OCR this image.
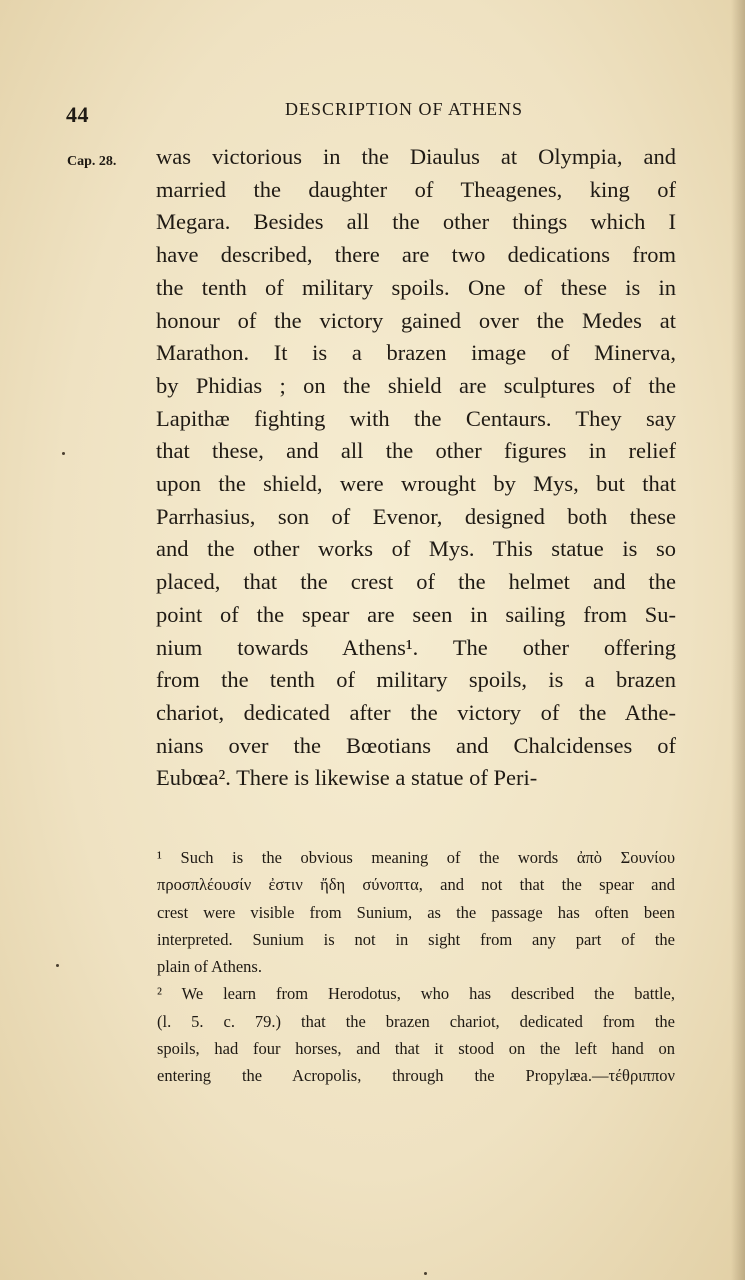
44	DESCRIPTION OF ATHENS
Cap. 28. was victorious in the Diaulus at Olympia, and
married the daughter of Theagenes, king of
Megara. Besides all the other things which I
have described, there are two dedications from
the tenth of military spoils. One of these is in
honour of the victory gained over the Medes at
Marathon. It is a brazen image of Minerva,
by Phidias ; on the shield are sculptures of the
Lapithæ fighting with the Centaurs. They say
that these, and all the other figures in relief
upon the shield, were wrought by Mys, but that
Parrhasius, son of Evenor, designed both these
and the other works of Mys. This statue is so
placed, that the crest of the helmet and the
point of the spear are seen in sailing from Su-
nium towards Athens¹. The other offering
from the tenth of military spoils, is a brazen
chariot, dedicated after the victory of the Athe-
nians over the Bœotians and Chalcidenses of
Eubœa². There is likewise a statue of Peri-
¹ Such is the obvious meaning of the words ἀπὸ Σουνίου
προσπλέουσίν ἐστιν ἤδη σύνοπτα, and not that the spear and
crest were visible from Sunium, as the passage has often been
interpreted. Sunium is not in sight from any part of the
plain of Athens.
² We learn from Herodotus, who has described the battle,
(l. 5. c. 79.) that the brazen chariot, dedicated from the
spoils, had four horses, and that it stood on the left hand on
entering the Acropolis, through the Propylæa.—τέθριππον
